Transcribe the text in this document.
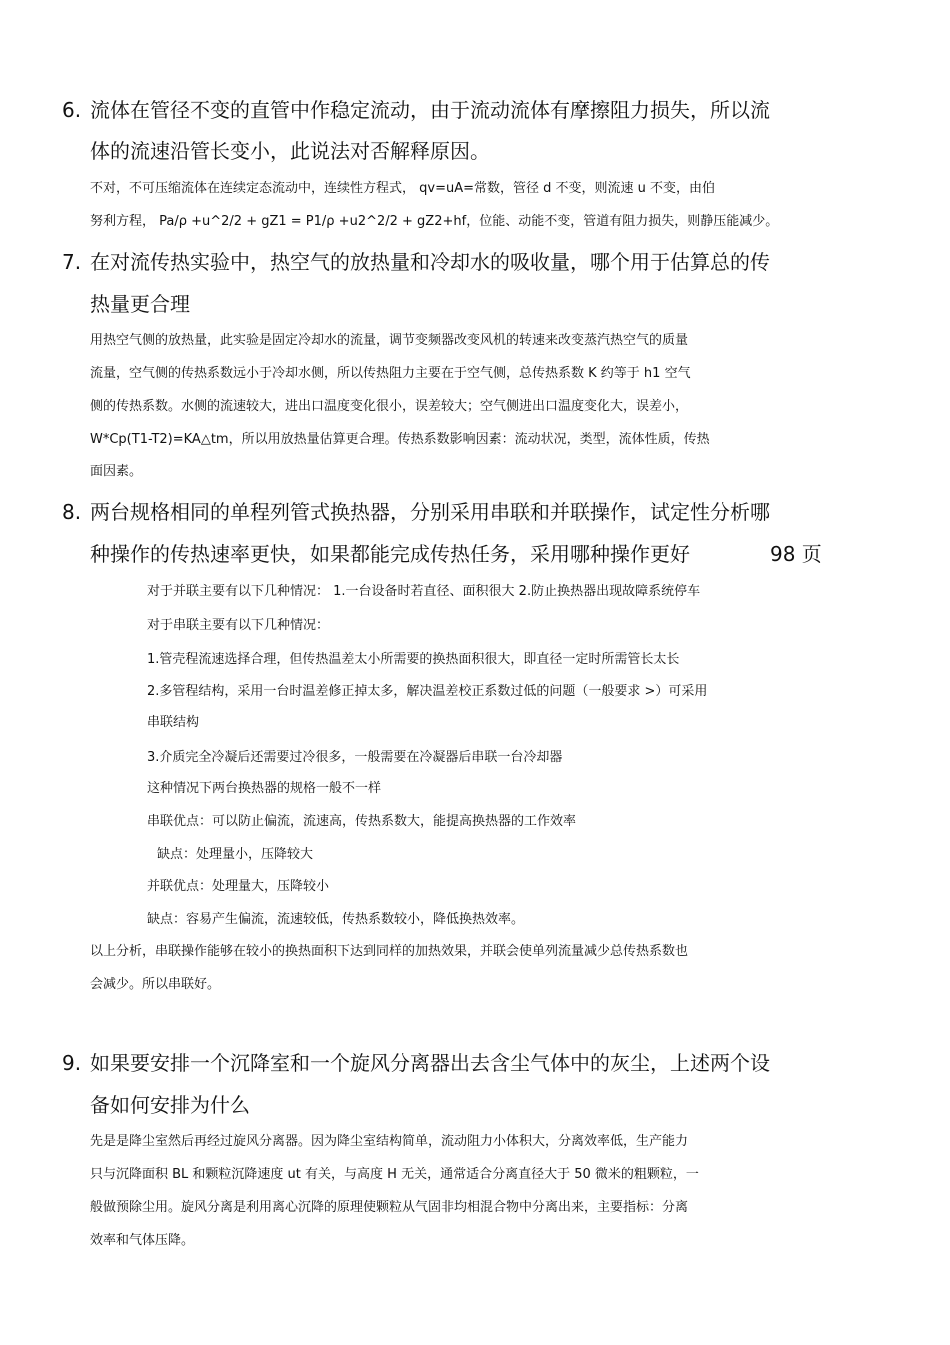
6. 流体在管径不变的直管中作稳定流动，由于流动流体有摩擦阻力损失，所以流
体的流速沿管长变小，此说法对否解释原因。
不对，不可压缩流体在连续定态流动中，连续性方程式， qv=uA=常数，管径 d 不变，则流速 u 不变，由伯
努利方程， Pa/ρ +u^2/2 + gZ1 = P1/ρ +u2^2/2 + gZ2+hf，位能、动能不变，管道有阻力损失，则静压能减少。
7. 在对流传热实验中，热空气的放热量和冷却水的吸收量，哪个用于估算总的传
热量更合理
用热空气侧的放热量，此实验是固定冷却水的流量，调节变频器改变风机的转速来改变蒸汽热空气的质量
流量，空气侧的传热系数远小于冷却水侧，所以传热阻力主要在于空气侧，总传热系数 K 约等于 h1 空气
侧的传热系数。水侧的流速较大，进出口温度变化很小，误差较大；空气侧进出口温度变化大，误差小，
W*Cp(T1-T2)=KA△tm，所以用放热量估算更合理。传热系数影响因素：流动状况，类型，流体性质，传热
面因素。
8. 两台规格相同的单程列管式换热器，分别采用串联和并联操作，试定性分析哪
种操作的传热速率更快，如果都能完成传热任务，采用哪种操作更好	98 页
对于并联主要有以下几种情况： 1.一台设备时若直径、面积很大 2.防止换热器出现故障系统停车
对于串联主要有以下几种情况：
1.管壳程流速选择合理，但传热温差太小所需要的换热面积很大，即直径一定时所需管长太长
2.多管程结构，采用一台时温差修正掉太多，解决温差校正系数过低的问题（一般要求 >）可采用
串联结构
3.介质完全冷凝后还需要过冷很多，一般需要在冷凝器后串联一台冷却器
这种情况下两台换热器的规格一般不一样
串联优点：可以防止偏流，流速高，传热系数大，能提高换热器的工作效率
缺点：处理量小，压降较大
并联优点：处理量大，压降较小
缺点：容易产生偏流，流速较低，传热系数较小，降低换热效率。
以上分析，串联操作能够在较小的换热面积下达到同样的加热效果，并联会使单列流量减少总传热系数也
会减少。所以串联好。
9. 如果要安排一个沉降室和一个旋风分离器出去含尘气体中的灰尘，上述两个设
备如何安排为什么
先是是降尘室然后再经过旋风分离器。因为降尘室结构简单，流动阻力小体积大，分离效率低，生产能力
只与沉降面积 BL 和颗粒沉降速度 ut 有关，与高度 H 无关，通常适合分离直径大于 50 微米的粗颗粒，一
般做预除尘用。旋风分离是利用离心沉降的原理使颗粒从气固非均相混合物中分离出来，主要指标：分离
效率和气体压降。
